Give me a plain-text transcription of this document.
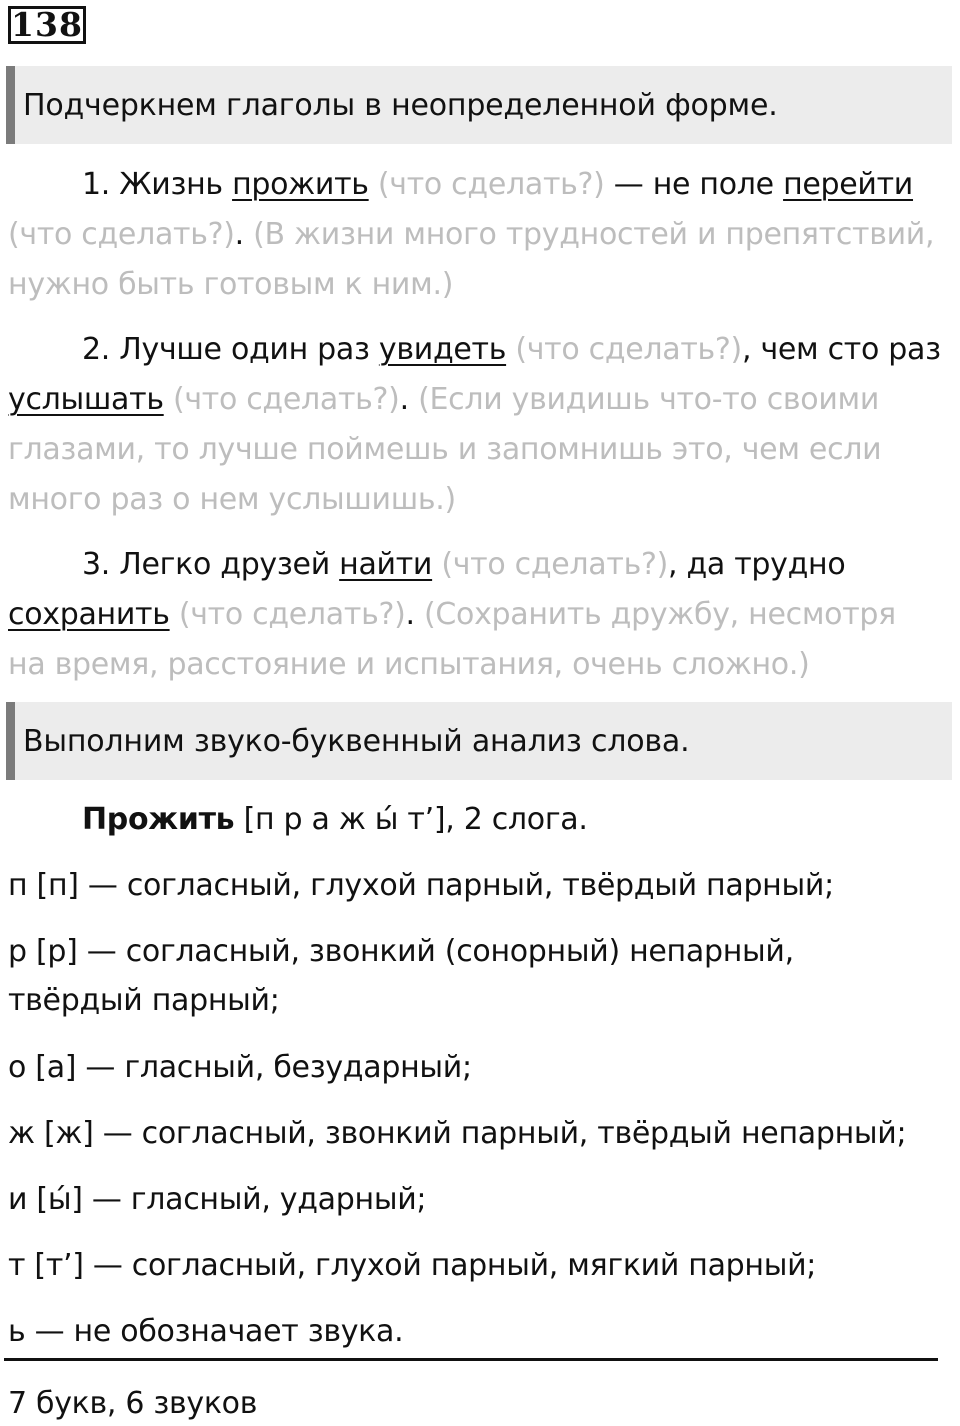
138
Подчеркнем глаголы в неопределенной форме.
1. Жизнь прожить (что сделать?) — не поле перейти
(что сделать?). (В жизни много трудностей и препятствий, нужно быть готовым к ним.)
2. Лучше один раз увидеть (что сделать?), чем сто раз
услышать (что сделать?). (Если увидишь что-то своими глазами, то лучше поймешь и запомнишь это, чем если много раз о нем услышишь.)
3. Легко друзей найти (что сделать?), да трудно
сохранить (что сделать?). (Сохранить дружбу, несмотря на время, расстояние и испытания, очень сложно.)
Выполним звуко-буквенный анализ слова.
Прожить [п р а ж ы́ т’], 2 слога.
п [п] — согласный, глухой парный, твёрдый парный;
р [р] — согласный, звонкий (сонорный) непарный,
твёрдый парный;
о [а] — гласный, безударный;
ж [ж] — согласный, звонкий парный, твёрдый непарный;
и [ы́] — гласный, ударный;
т [т’] — согласный, глухой парный, мягкий парный;
ь — не обозначает звука.
7 букв, 6 звуков
